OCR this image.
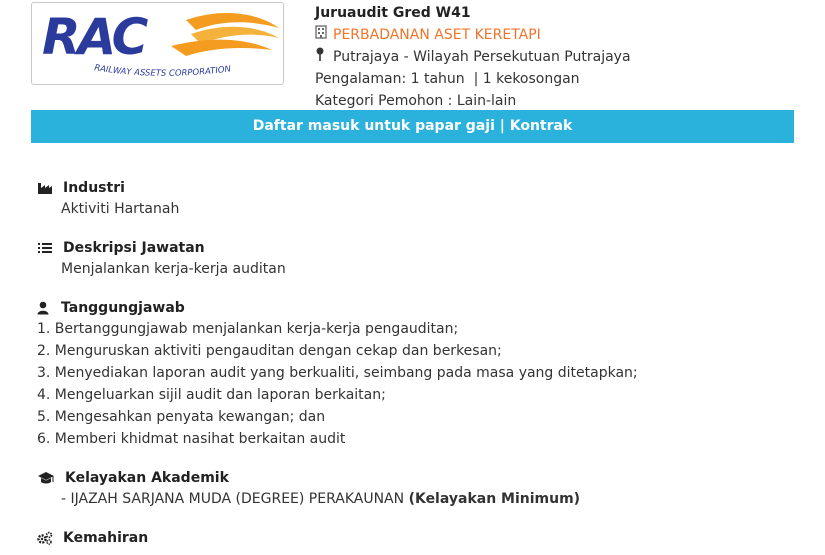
RAC
RAILWAY ASSETS CORPORATION
Juruaudit Gred W41
PERBADANAN ASET KERETAPI
Putrajaya - Wilayah Persekutuan Putrajaya
Pengalaman: 1 tahun  | 1 kekosongan
Kategori Pemohon : Lain-lain
Daftar masuk untuk papar gaji | Kontrak
Industri
Aktiviti Hartanah
Deskripsi Jawatan
Menjalankan kerja-kerja auditan
Tanggungjawab
1. Bertanggungjawab menjalankan kerja-kerja pengauditan;
2. Menguruskan aktiviti pengauditan dengan cekap dan berkesan;
3. Menyediakan laporan audit yang berkualiti, seimbang pada masa yang ditetapkan;
4. Mengeluarkan sijil audit dan laporan berkaitan;
5. Mengesahkan penyata kewangan; dan
6. Memberi khidmat nasihat berkaitan audit
Kelayakan Akademik
- IJAZAH SARJANA MUDA (DEGREE) PERAKAUNAN (Kelayakan Minimum)
Kemahiran
